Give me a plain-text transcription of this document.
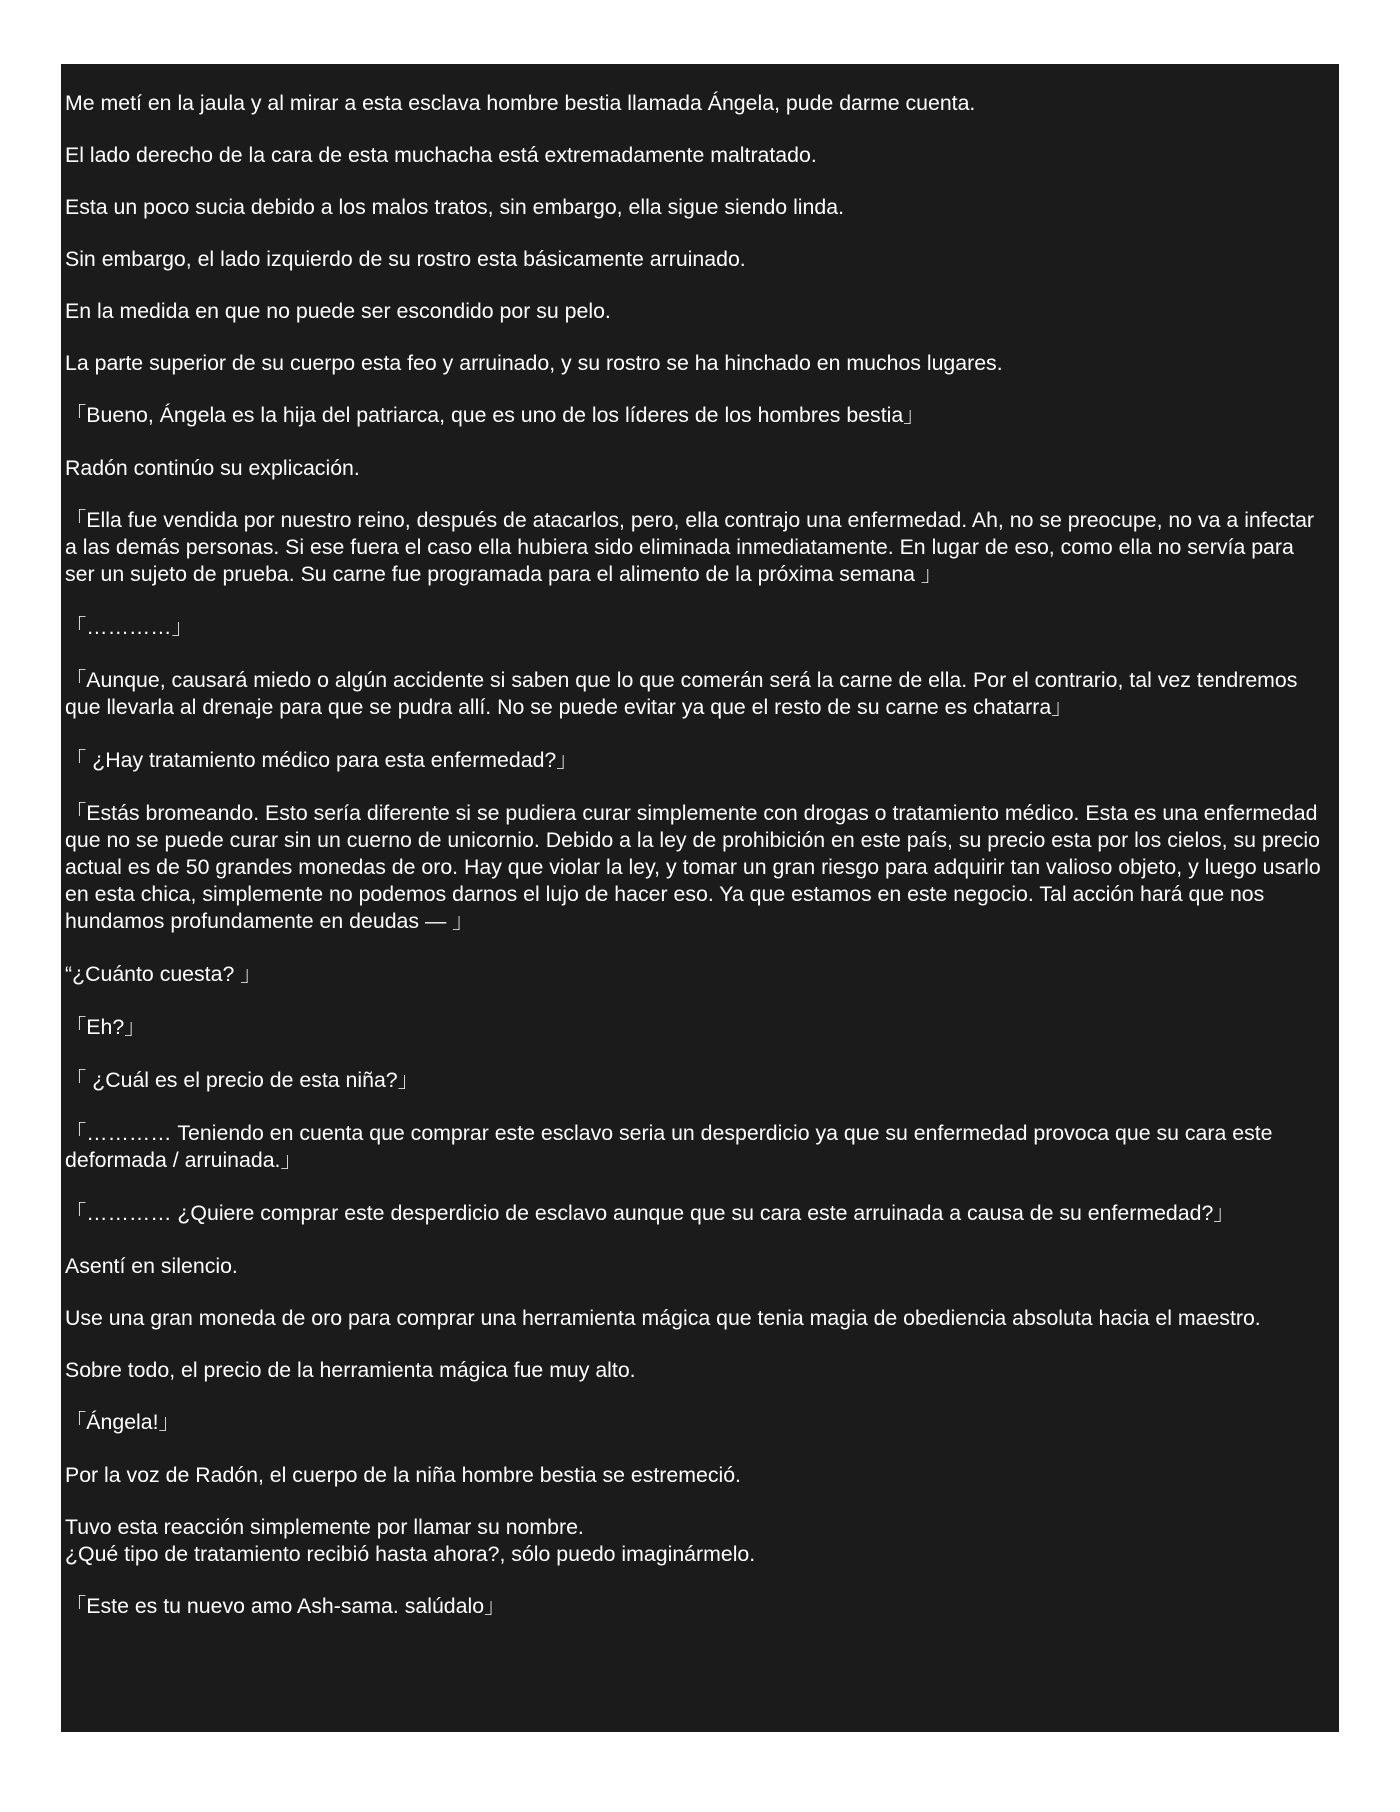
Me metí en la jaula y al mirar a esta esclava hombre bestia llamada Ángela, pude darme cuenta.

El lado derecho de la cara de esta muchacha está extremadamente maltratado.

Esta un poco sucia debido a los malos tratos, sin embargo, ella sigue siendo linda.

Sin embargo, el lado izquierdo de su rostro esta básicamente arruinado.

En la medida en que no puede ser escondido por su pelo.

La parte superior de su cuerpo esta feo y arruinado, y su rostro se ha hinchado en muchos lugares.

「Bueno, Ángela es la hija del patriarca, que es uno de los líderes de los hombres bestia」

Radón continúo su explicación.

「Ella fue vendida por nuestro reino, después de atacarlos, pero, ella contrajo una enfermedad. Ah, no se preocupe, no va a infectar a las demás personas. Si ese fuera el caso ella hubiera sido eliminada inmediatamente. En lugar de eso, como ella no servía para ser un sujeto de prueba. Su carne fue programada para el alimento de la próxima semana 」

「…………」

「Aunque, causará miedo o algún accidente si saben que lo que comerán será la carne de ella. Por el contrario, tal vez tendremos que llevarla al drenaje para que se pudra allí. No se puede evitar ya que el resto de su carne es chatarra」

「 ¿Hay tratamiento médico para esta enfermedad?」

「Estás bromeando. Esto sería diferente si se pudiera curar simplemente con drogas o tratamiento médico. Esta es una enfermedad que no se puede curar sin un cuerno de unicornio. Debido a la ley de prohibición en este país, su precio esta por los cielos, su precio actual es de 50 grandes monedas de oro. Hay que violar la ley, y tomar un gran riesgo para adquirir tan valioso objeto, y luego usarlo en esta chica, simplemente no podemos darnos el lujo de hacer eso. Ya que estamos en este negocio. Tal acción hará que nos hundamos profundamente en deudas — 」

“¿Cuánto cuesta? 」

「Eh?」

「 ¿Cuál es el precio de esta niña?」

「………… Teniendo en cuenta que comprar este esclavo seria un desperdicio ya que su enfermedad provoca que su cara este deformada / arruinada.」

「………… ¿Quiere comprar este desperdicio de esclavo aunque que su cara este arruinada a causa de su enfermedad?」

Asentí en silencio.

Use una gran moneda de oro para comprar una herramienta mágica que tenia magia de obediencia absoluta hacia el maestro.

Sobre todo, el precio de la herramienta mágica fue muy alto.

「Ángela!」

Por la voz de Radón, el cuerpo de la niña hombre bestia se estremeció.

Tuvo esta reacción simplemente por llamar su nombre.
¿Qué tipo de tratamiento recibió hasta ahora?, sólo puedo imaginármelo.

「Este es tu nuevo amo Ash-sama. salúdalo」
